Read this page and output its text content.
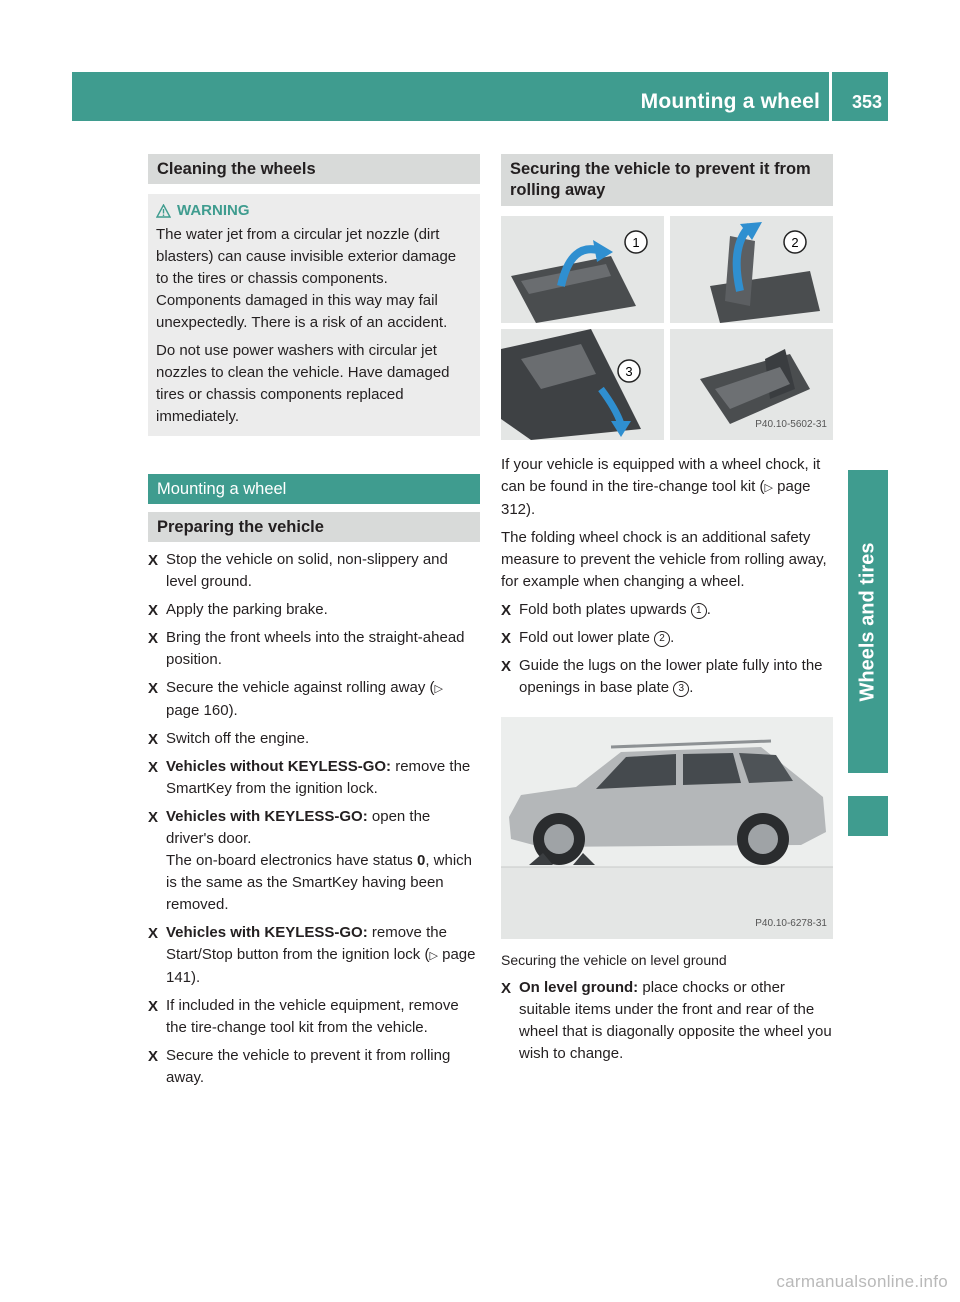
Mounting a wheel 353
Wheels and tires
Cleaning the wheels
WARNING

The water jet from a circular jet nozzle (dirt blasters) can cause invisible exterior damage to the tires or chassis components. Components damaged in this way may fail unexpectedly. There is a risk of an accident.

Do not use power washers with circular jet nozzles to clean the vehicle. Have damaged tires or chassis components replaced immediately.

Mounting a wheel
Preparing the vehicle
X Stop the vehicle on solid, non-slippery and level ground.
X Apply the parking brake.
X Bring the front wheels into the straight-ahead position.
X Secure the vehicle against rolling away (▷ page 160).
X Switch off the engine.
X Vehicles without KEYLESS-GO: remove the SmartKey from the ignition lock.
X Vehicles with KEYLESS-GO: open the driver's door.
The on-board electronics have status 0, which is the same as the SmartKey having been removed.
X Vehicles with KEYLESS-GO: remove the Start/Stop button from the ignition lock (▷ page 141).
X If included in the vehicle equipment, remove the tire-change tool kit from the vehicle.
X Secure the vehicle to prevent it from rolling away.
Securing the vehicle to prevent it from rolling away
1	2
3
P40.10-5602-31

If your vehicle is equipped with a wheel chock, it can be found in the tire-change tool kit (▷ page 312).

The folding wheel chock is an additional safety measure to prevent the vehicle from rolling away, for example when changing a wheel.

X Fold both plates upwards 1 .
X Fold out lower plate 2 .
X Guide the lugs on the lower plate fully into the openings in base plate 3 .
P40.10-6278-31
Securing the vehicle on level ground
X On level ground: place chocks or other suitable items under the front and rear of the wheel that is diagonally opposite the wheel you wish to change.
carmanualsonline.info
